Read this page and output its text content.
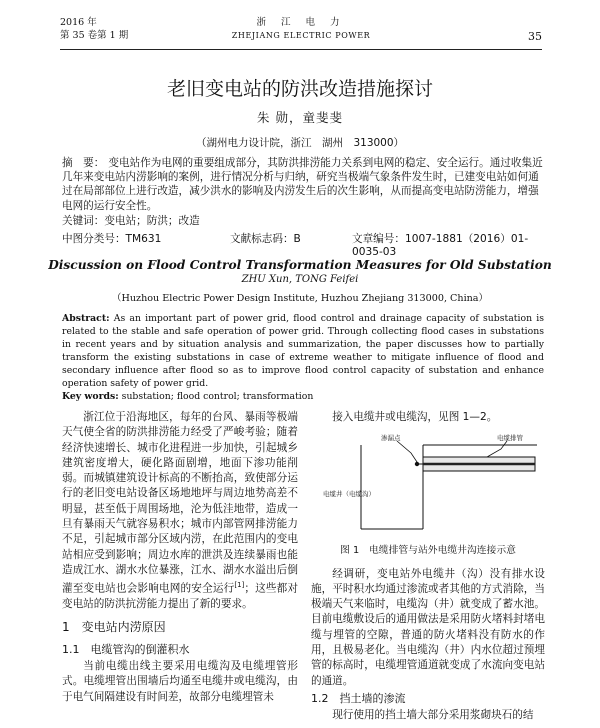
2016 年
第 35 卷第 1 期
浙 江 电 力
ZHEJIANG ELECTRIC POWER	35
老旧变电站的防洪改造措施探讨
朱 勋，童斐斐
（湖州电力设计院，浙江　湖州　313000）
摘　要： 变电站作为电网的重要组成部分，其防洪排涝能力关系到电网的稳定、安全运行。通过收集近几年来变电站内涝影响的案例，进行情况分析与归纳，研究当极端气象条件发生时，已建变电站如何通过在局部部位上进行改造，减少洪水的影响及内涝发生后的次生影响，从而提高变电站防涝能力，增强电网的运行安全性。
关键词：变电站；防洪；改造
中图分类号：TM631	文献标志码：B	文章编号：1007-1881（2016）01-0035-03
Discussion on Flood Control Transformation Measures for Old Substation
ZHU Xun, TONG Feifei
（Huzhou Electric Power Design Institute, Huzhou Zhejiang 313000, China）
Abstract: As an important part of power grid, flood control and drainage capacity of substation is related to the stable and safe operation of power grid. Through collecting flood cases in substations in recent years and by situation analysis and summarization, the paper discusses how to partially transform the existing substations in case of extreme weather to mitigate influence of flood and secondary influence after flood so as to improve flood control capacity of substation and enhance operation safety of power grid.
Key words: substation; flood control; transformation

浙江位于沿海地区，每年的台风、暴雨等极端天气使全省的防洪排涝能力经受了严峻考验；随着经济快速增长、城市化进程进一步加快，引起城乡建筑密度增大，硬化路面剧增，地面下渗功能削弱。而城镇建筑设计标高的不断抬高，致使部分运行的老旧变电站设备区场地地坪与周边地势高差不明显，甚至低于周围场地，沦为低洼地带，造成一旦有暴雨天气就容易积水；城市内部管网排涝能力不足，引起城市部分区域内涝，在此范围内的变电站相应受到影响；周边水库的泄洪及连续暴雨也能造成江水、湖水水位暴涨，江水、湖水水溢出后倒灌至变电站也会影响电网的安全运行[1]；这些都对变电站的防洪抗涝能力提出了新的要求。

1　变电站内涝原因
1.1　电缆管沟的倒灌积水

当前电缆出线主要采用电缆沟及电缆埋管形式。电缆埋管出围墙后均通至电缆井或电缆沟，由于电气间隔建设有时间差，故部分电缆埋管未

接入电缆井或电缆沟，见图 1—2。

渗漏点	电缆排管
电缆井（电缆沟）
图 1　电缆排管与站外电缆井沟连接示意

经调研，变电站外电缆井（沟）没有排水设施，平时积水均通过渗流或者其他的方式消除，当极端天气来临时，电缆沟（井）就变成了蓄水池。目前电缆敷设后的通用做法是采用防火堵料封堵电缆与埋管的空隙，普通的防火堵料没有防水的作用，且极易老化。当电缆沟（井）内水位超过预埋管的标高时，电缆埋管通道就变成了水流向变电站的通道。

1.2　挡土墙的渗流

现行使用的挡土墙大部分采用浆砌块石的结
